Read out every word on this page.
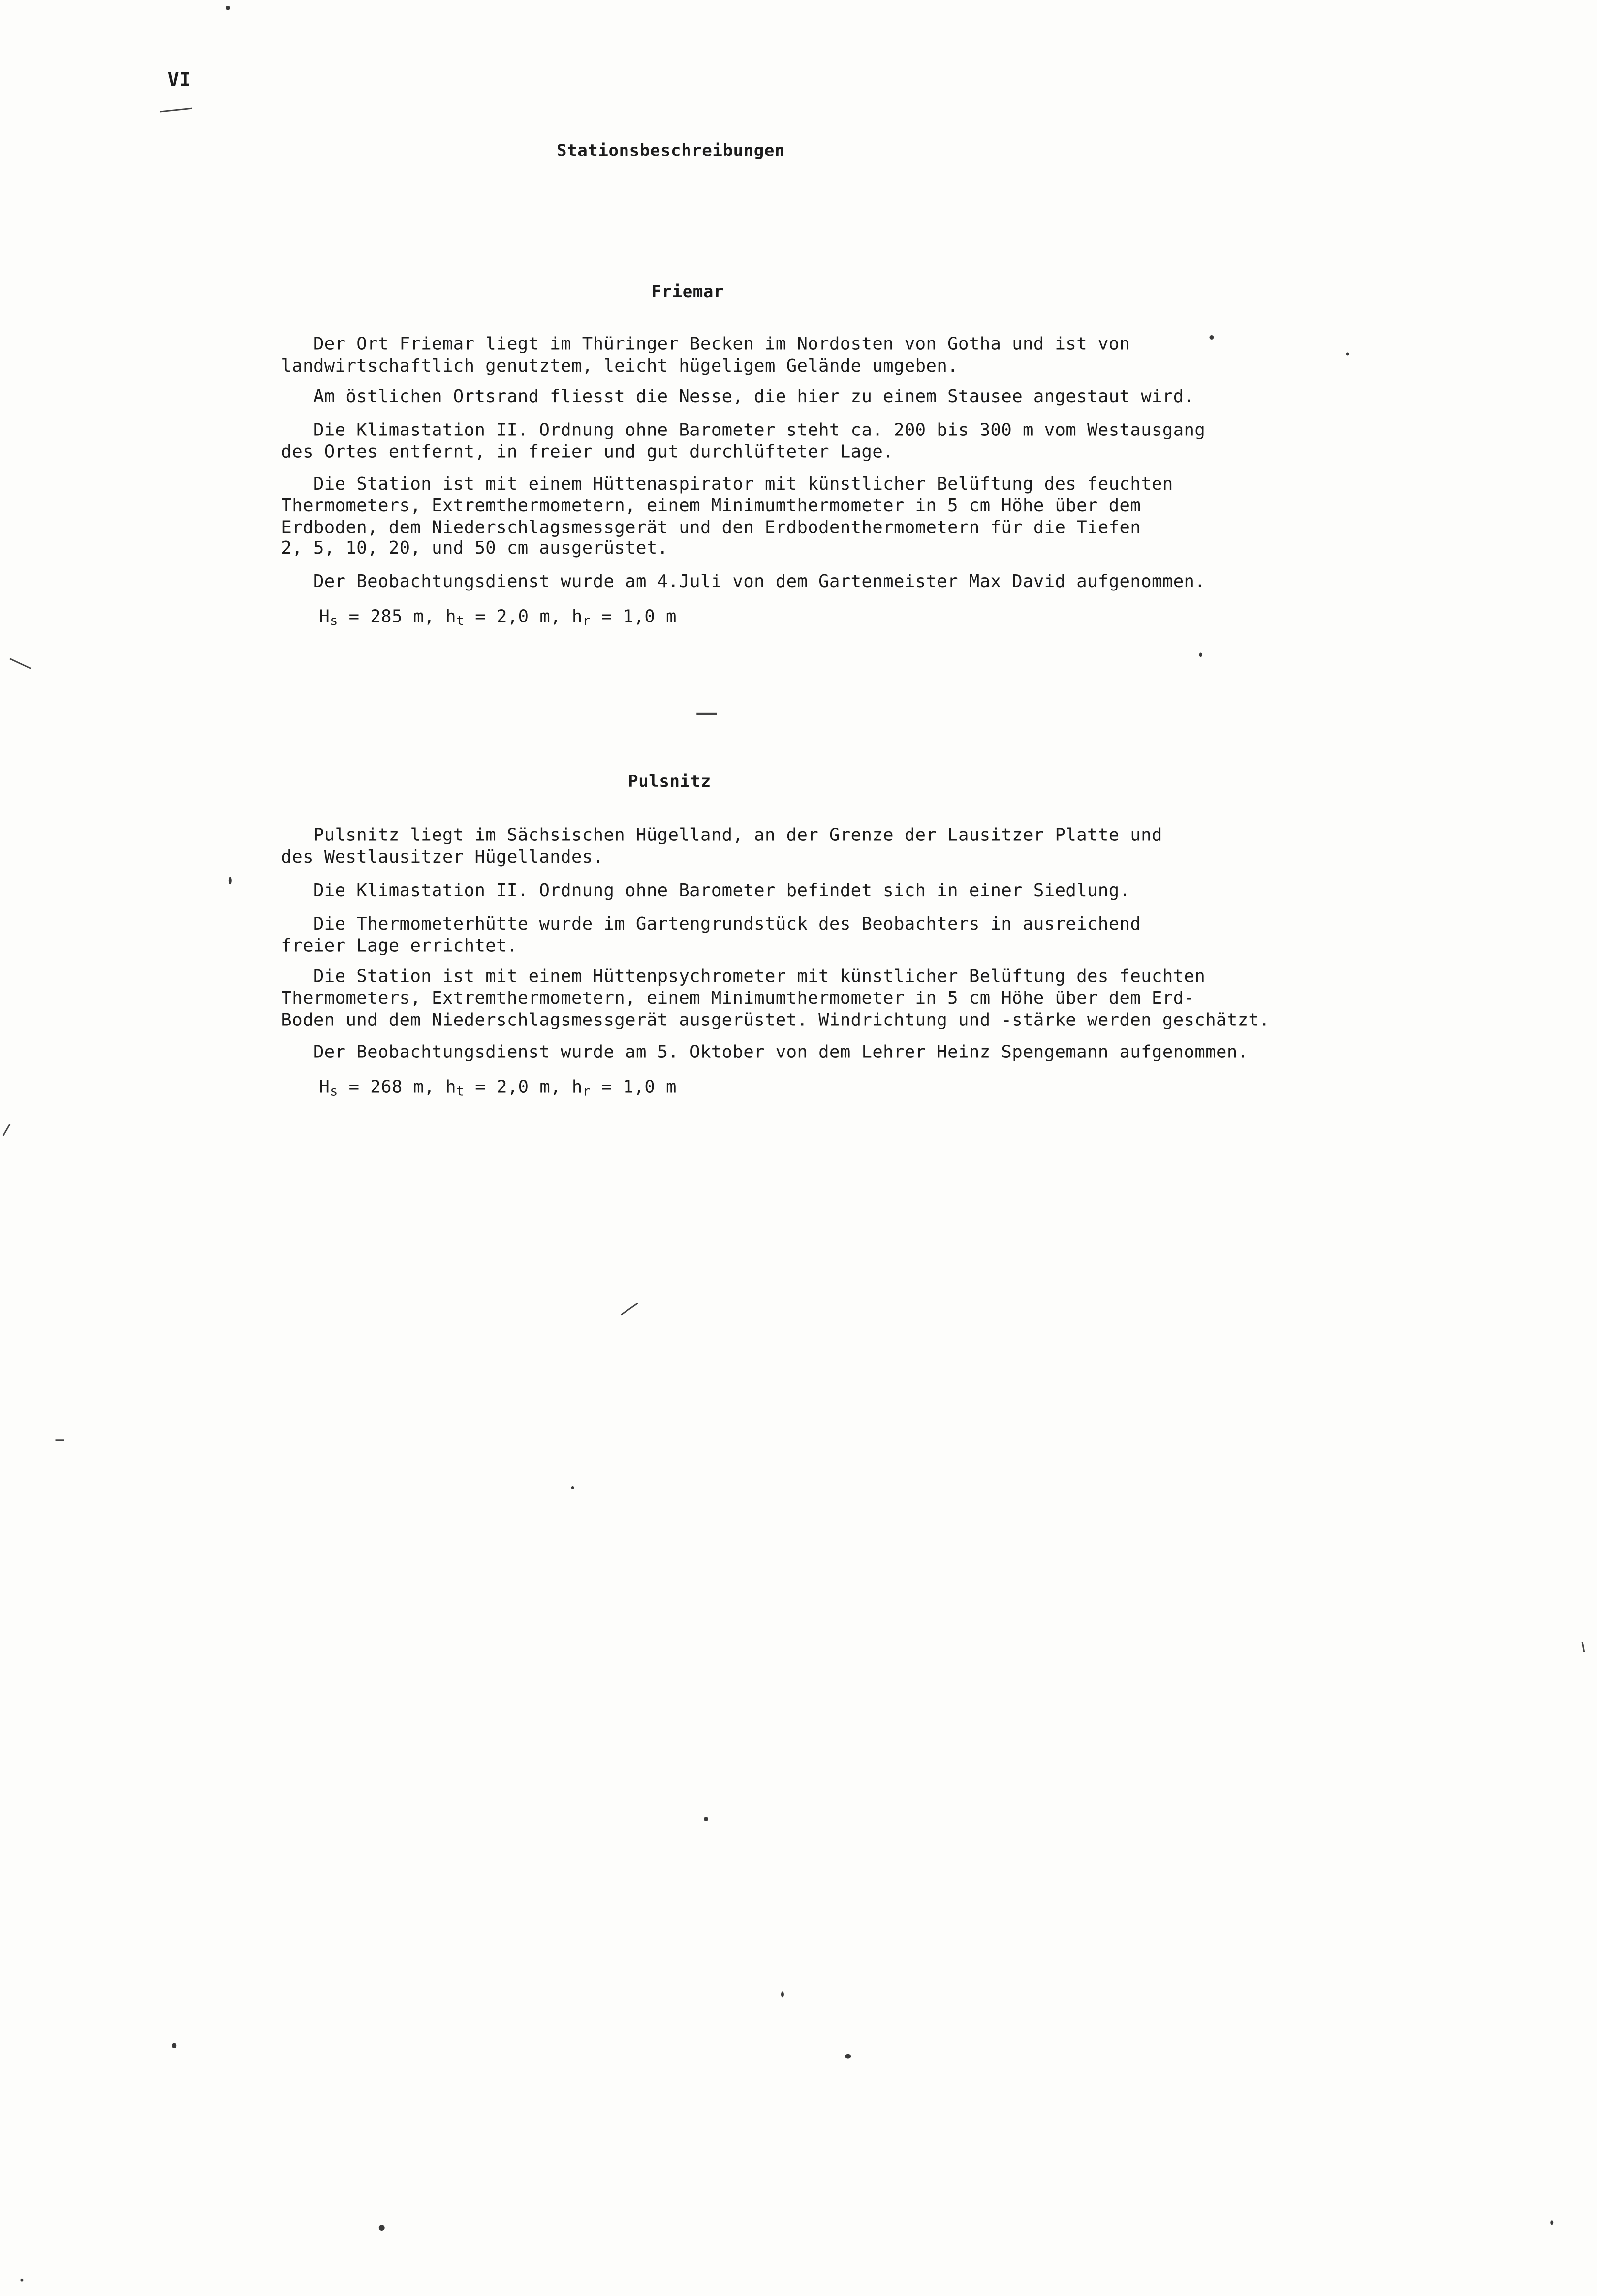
VI
Stationsbeschreibungen
Friemar
Der Ort Friemar liegt im Thüringer Becken im Nordosten von Gotha und ist von
landwirtschaftlich genutztem, leicht hügeligem Gelände umgeben.
Am östlichen Ortsrand fliesst die Nesse, die hier zu einem Stausee angestaut wird.
Die Klimastation II. Ordnung ohne Barometer steht ca. 200 bis 300 m vom Westausgang
des Ortes entfernt, in freier und gut durchlüfteter Lage.
Die Station ist mit einem Hüttenaspirator mit künstlicher Belüftung des feuchten
Thermometers, Extremthermometern, einem Minimumthermometer in 5 cm Höhe über dem
Erdboden, dem Niederschlagsmessgerät und den Erdbodenthermometern für die Tiefen
2, 5, 10, 20, und 50 cm ausgerüstet.
Der Beobachtungsdienst wurde am 4.Juli von dem Gartenmeister Max David aufgenommen.
$H_s = 285$ m, $h_t = 2,0$ m, $h_r = 1,0$ m
Pulsnitz
Pulsnitz liegt im Sächsischen Hügelland, an der Grenze der Lausitzer Platte und
des Westlausitzer Hügellandes.
Die Klimastation II. Ordnung ohne Barometer befindet sich in einer Siedlung.
Die Thermometerhütte wurde im Gartengrundstück des Beobachters in ausreichend
freier Lage errichtet.
Die Station ist mit einem Hüttenpsychrometer mit künstlicher Belüftung des feuchten
Thermometers, Extremthermometern, einem Minimumthermometer in 5 cm Höhe über dem Erd-
Boden und dem Niederschlagsmessgerät ausgerüstet. Windrichtung und -stärke werden geschätzt.
Der Beobachtungsdienst wurde am 5. Oktober von dem Lehrer Heinz Spengemann aufgenommen.
$H_s = 268$ m, $h_t = 2,0$ m, $h_r = 1,0$ m
